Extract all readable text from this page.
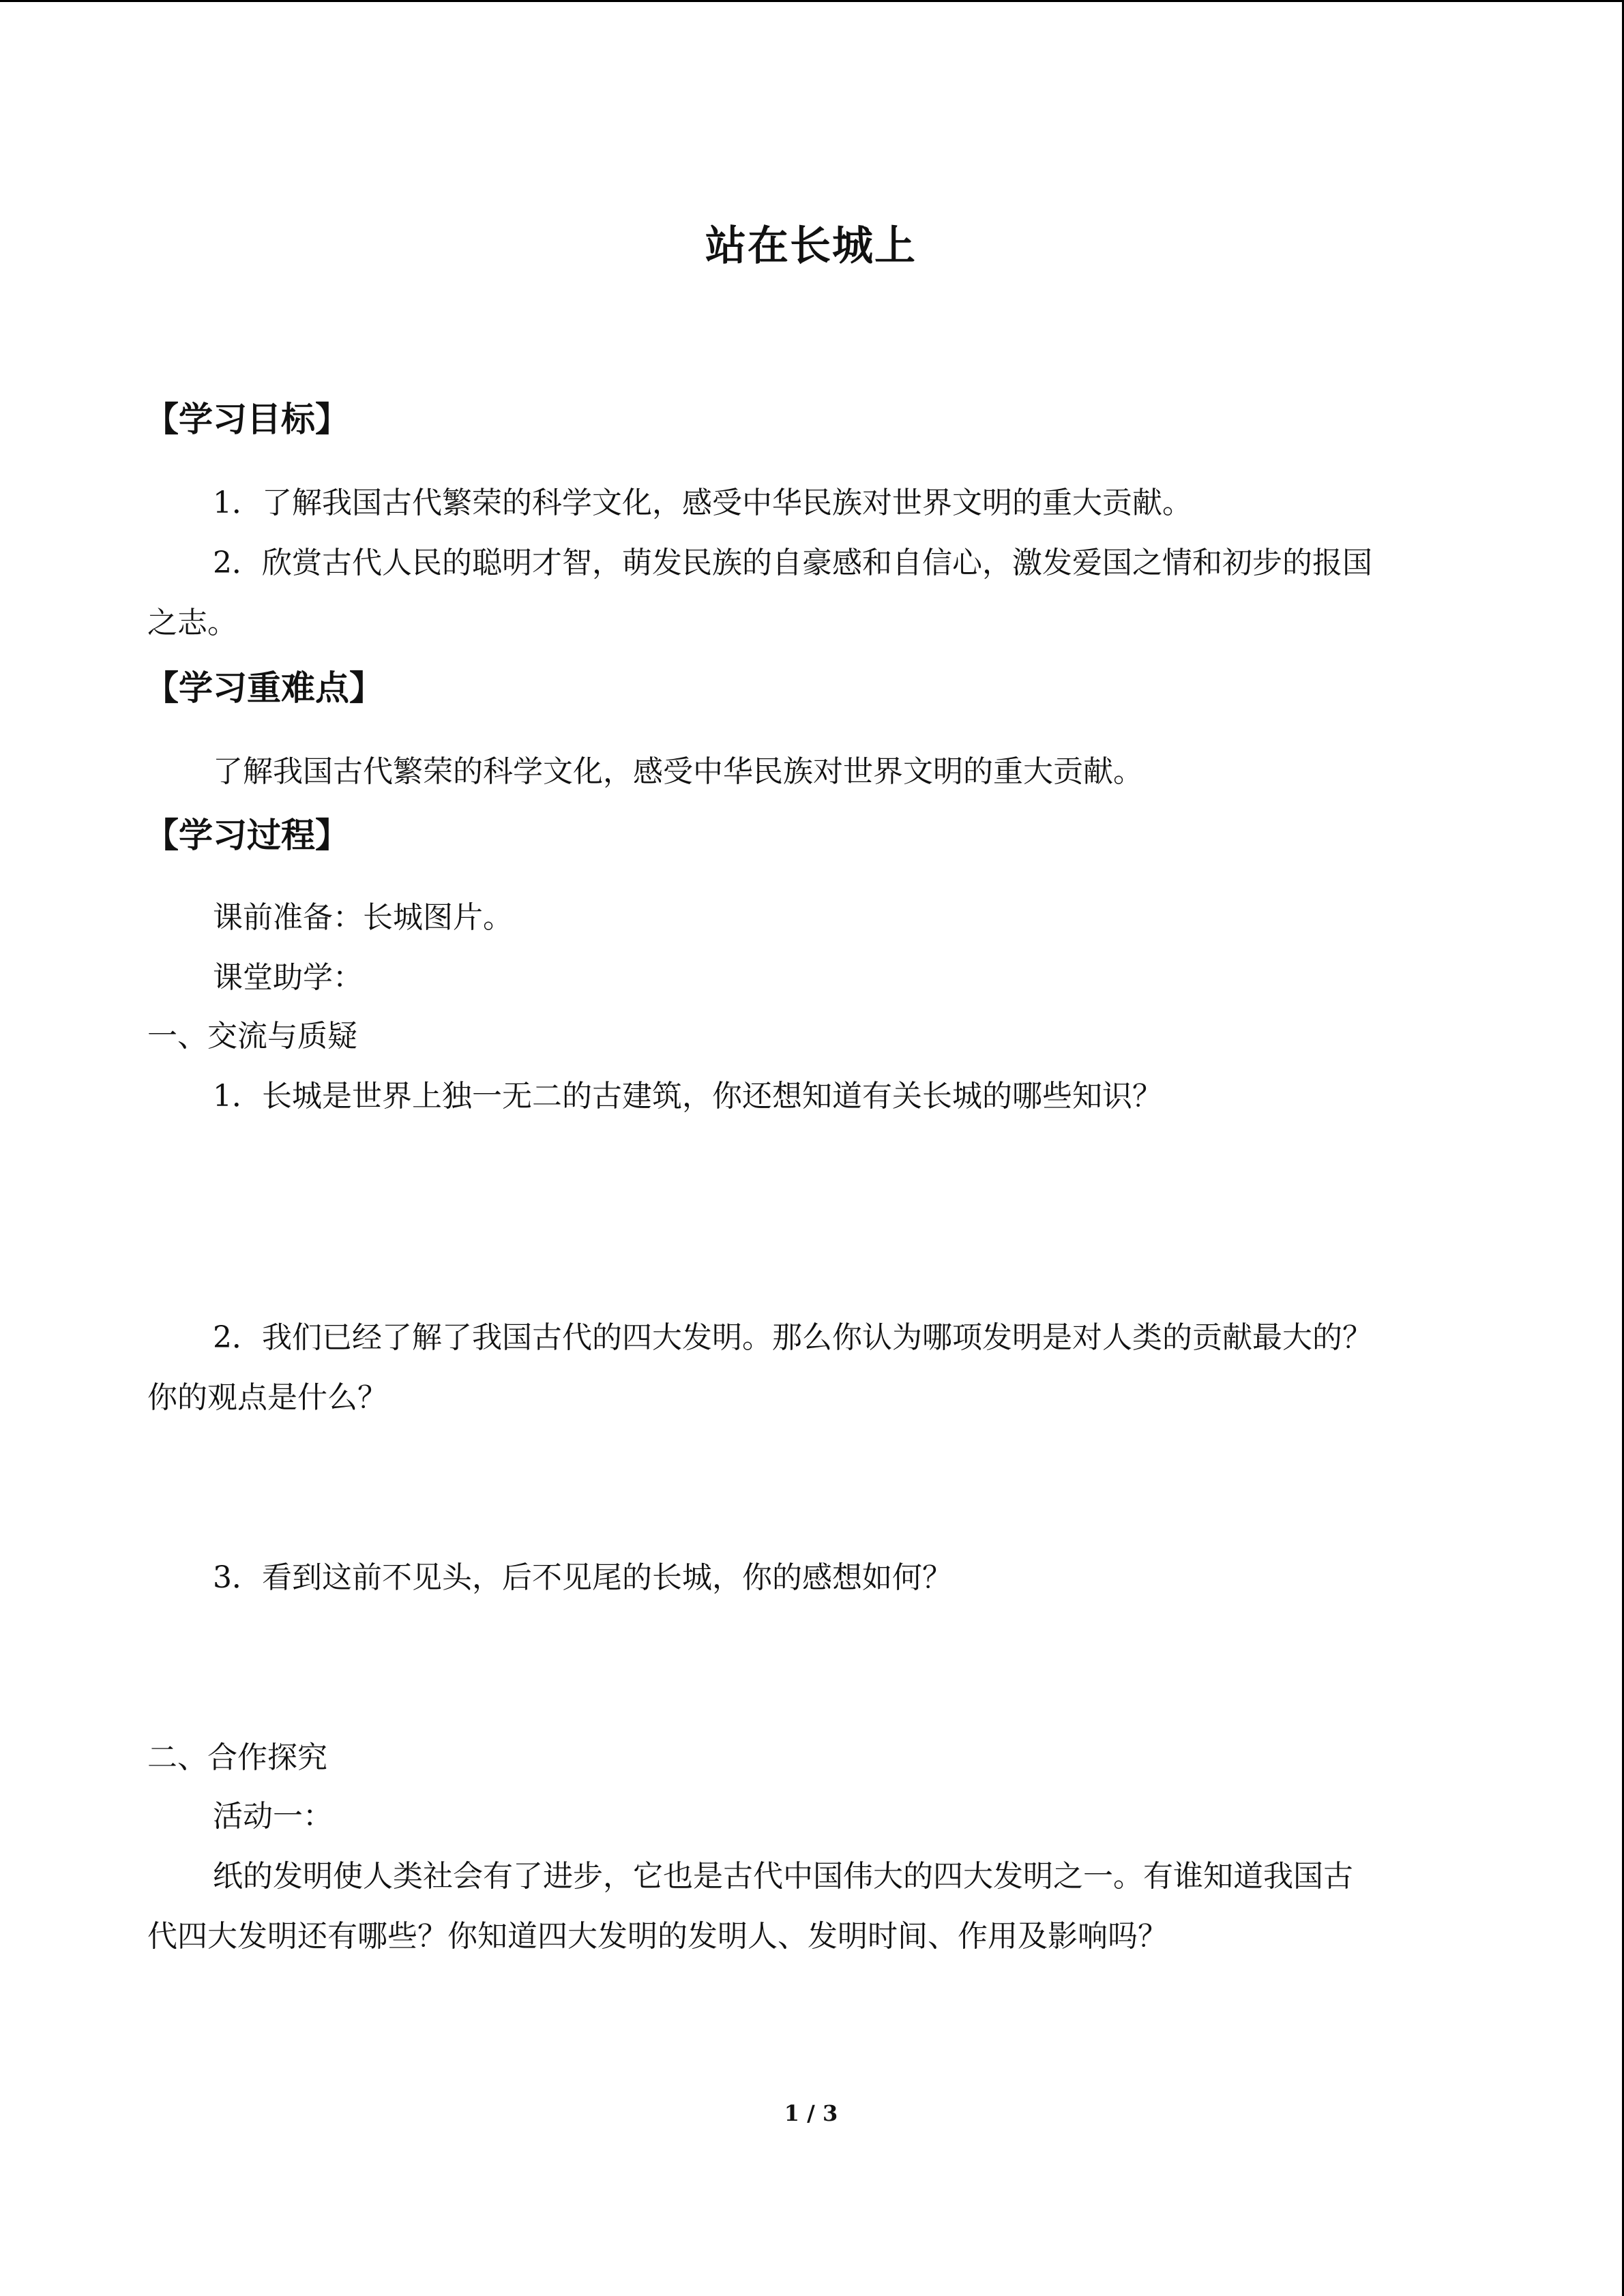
站在长城上
【学习目标】
1．了解我国古代繁荣的科学文化，感受中华民族对世界文明的重大贡献。
2．欣赏古代人民的聪明才智，萌发民族的自豪感和自信心，激发爱国之情和初步的报国
之志。
【学习重难点】
了解我国古代繁荣的科学文化，感受中华民族对世界文明的重大贡献。
【学习过程】
课前准备：长城图片。
课堂助学：
一、交流与质疑
1．长城是世界上独一无二的古建筑，你还想知道有关长城的哪些知识？
2．我们已经了解了我国古代的四大发明。那么你认为哪项发明是对人类的贡献最大的？
你的观点是什么？
3．看到这前不见头，后不见尾的长城，你的感想如何？
二、合作探究
活动一：
纸的发明使人类社会有了进步，它也是古代中国伟大的四大发明之一。有谁知道我国古
代四大发明还有哪些？你知道四大发明的发明人、发明时间、作用及影响吗？
1 / 3
